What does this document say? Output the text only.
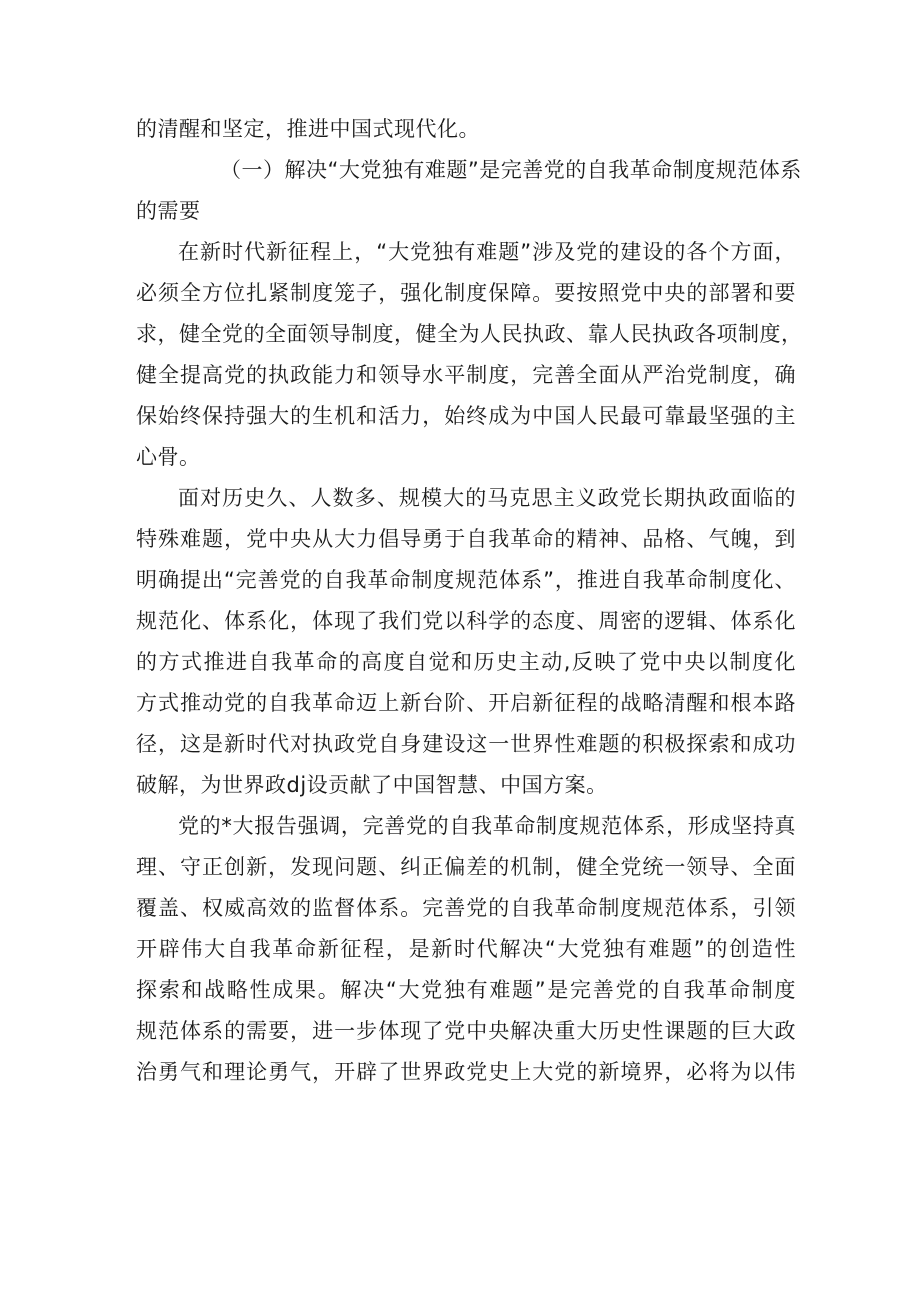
的清醒和坚定，推进中国式现代化。
（一）解决“大党独有难题”是完善党的自我革命制度规范体系
的需要
在新时代新征程上，“大党独有难题”涉及党的建设的各个方面，
必须全方位扎紧制度笼子，强化制度保障。要按照党中央的部署和要
求，健全党的全面领导制度，健全为人民执政、靠人民执政各项制度，
健全提高党的执政能力和领导水平制度，完善全面从严治党制度，确
保始终保持强大的生机和活力，始终成为中国人民最可靠最坚强的主
心骨。
面对历史久、人数多、规模大的马克思主义政党长期执政面临的
特殊难题，党中央从大力倡导勇于自我革命的精神、品格、气魄，到
明确提出“完善党的自我革命制度规范体系”，推进自我革命制度化、
规范化、体系化，体现了我们党以科学的态度、周密的逻辑、体系化
的方式推进自我革命的高度自觉和历史主动,反映了党中央以制度化
方式推动党的自我革命迈上新台阶、开启新征程的战略清醒和根本路
径，这是新时代对执政党自身建设这一世界性难题的积极探索和成功
破解，为世界政dj设贡献了中国智慧、中国方案。
党的*大报告强调，完善党的自我革命制度规范体系，形成坚持真
理、守正创新，发现问题、纠正偏差的机制，健全党统一领导、全面
覆盖、权威高效的监督体系。完善党的自我革命制度规范体系，引领
开辟伟大自我革命新征程，是新时代解决“大党独有难题”的创造性
探索和战略性成果。解决“大党独有难题”是完善党的自我革命制度
规范体系的需要，进一步体现了党中央解决重大历史性课题的巨大政
治勇气和理论勇气，开辟了世界政党史上大党的新境界，必将为以伟
